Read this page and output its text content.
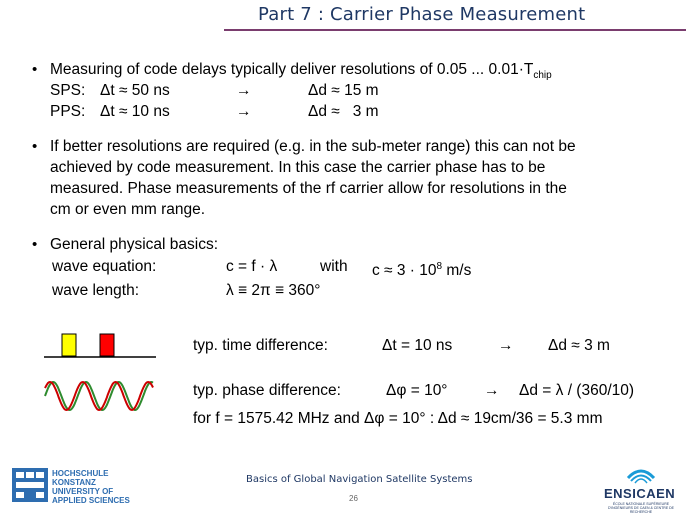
Part 7 : Carrier Phase Measurement
• Measuring of code delays typically deliver resolutions of 0.05 ... $0.01\cdot T_{chip}$
SPS: Δt ≈ 50 ns	→	Δd ≈ 15 m
PPS: Δt ≈ 10 ns	→	Δd ≈   3 m
• If better resolutions are required (e.g. in the sub-meter range) this can not be
achieved by code measurement. In this case the carrier phase has to be
measured. Phase measurements of the rf carrier allow for resolutions in the
cm or even mm range.
• General physical basics:
wave equation:	c = f · λ	with $c \approx 3 \cdot 10^8$ m/s
wave length:	λ ≡ 2π ≡ 360°
typ. time difference:	Δt = 10 ns	→ Δd ≈ 3 m
typ. phase difference:	Δφ = 10° → Δd = λ / (360/10)
for f = 1575.42 MHz and Δφ = 10° : Δd ≈ 19cm/36 = 5.3 mm
HOCHSCHULE
KONSTANZ
UNIVERSITY OF
APPLIED SCIENCES
Basics of Global Navigation Satellite Systems
26	ENSICAEN
ÉCOLE NATIONALE SUPÉRIEURE D'INGÉNIEURS DE CAEN & CENTRE DE RECHERCHE
